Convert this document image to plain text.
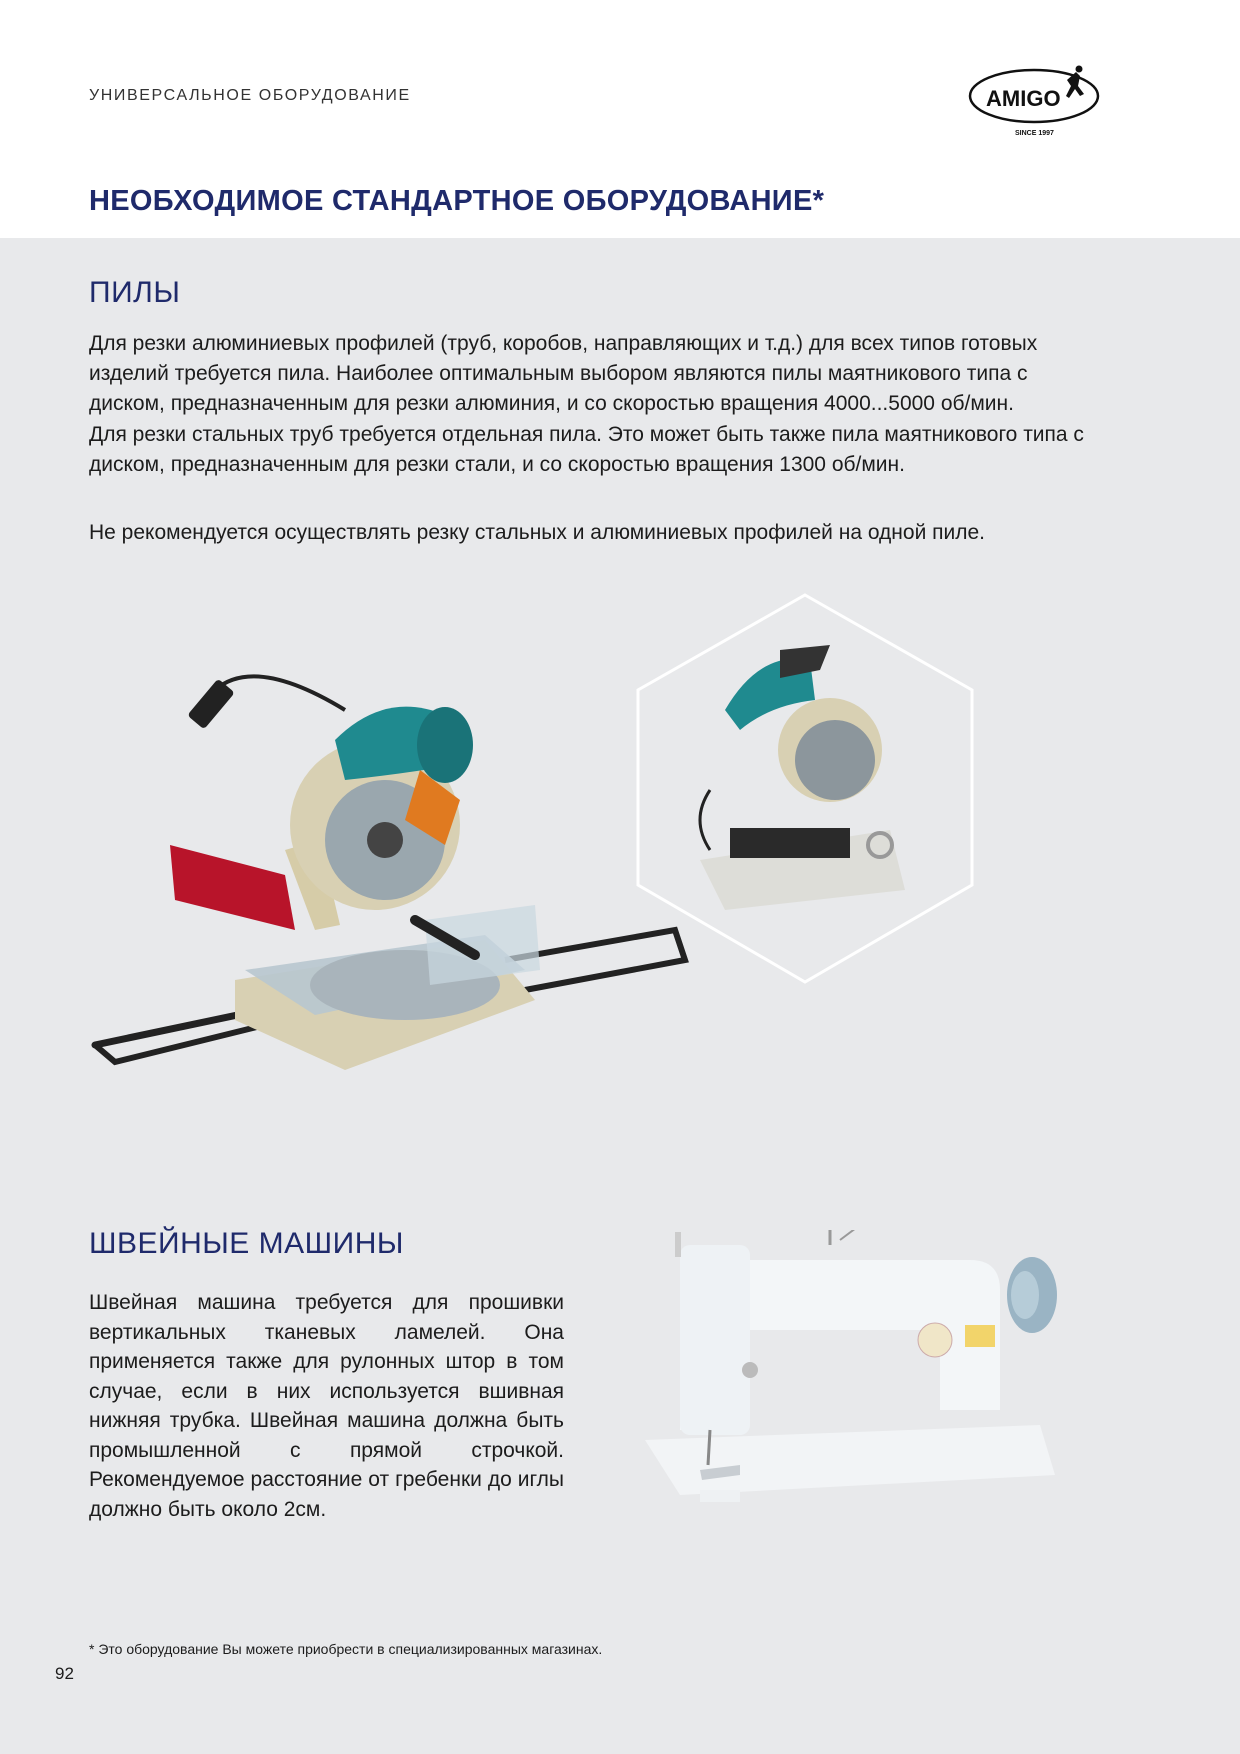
УНИВЕРСАЛЬНОЕ ОБОРУДОВАНИЕ	AMIGO
SINCE 1997
НЕОБХОДИМОЕ СТАНДАРТНОЕ ОБОРУДОВАНИЕ*
ПИЛЫ

Для резки алюминиевых профилей (труб, коробов, направляющих и т.д.) для всех типов готовых изделий требуется пила. Наиболее оптимальным выбором являются пилы маятникового типа с диском, предназначенным для резки алюминия, и со скоростью вращения 4000...5000 об/мин.

Для резки стальных труб требуется отдельная пила. Это может быть также пила маятникового типа с диском, предназначенным для резки стали, и со скоростью вращения 1300 об/мин.

Не рекомендуется осуществлять резку стальных и алюминиевых профилей на одной пиле.

ШВЕЙНЫЕ МАШИНЫ

Швейная машина требуется для прошивки вертикальных тканевых ламелей. Она применяется также для рулонных штор в том случае, если в них используется вшивная нижняя трубка. Швейная машина должна быть промышленной с прямой строчкой. Рекомендуемое расстояние от гребенки до иглы должно быть около 2см.

* Это оборудование Вы можете приобрести в специализированных магазинах.
92
